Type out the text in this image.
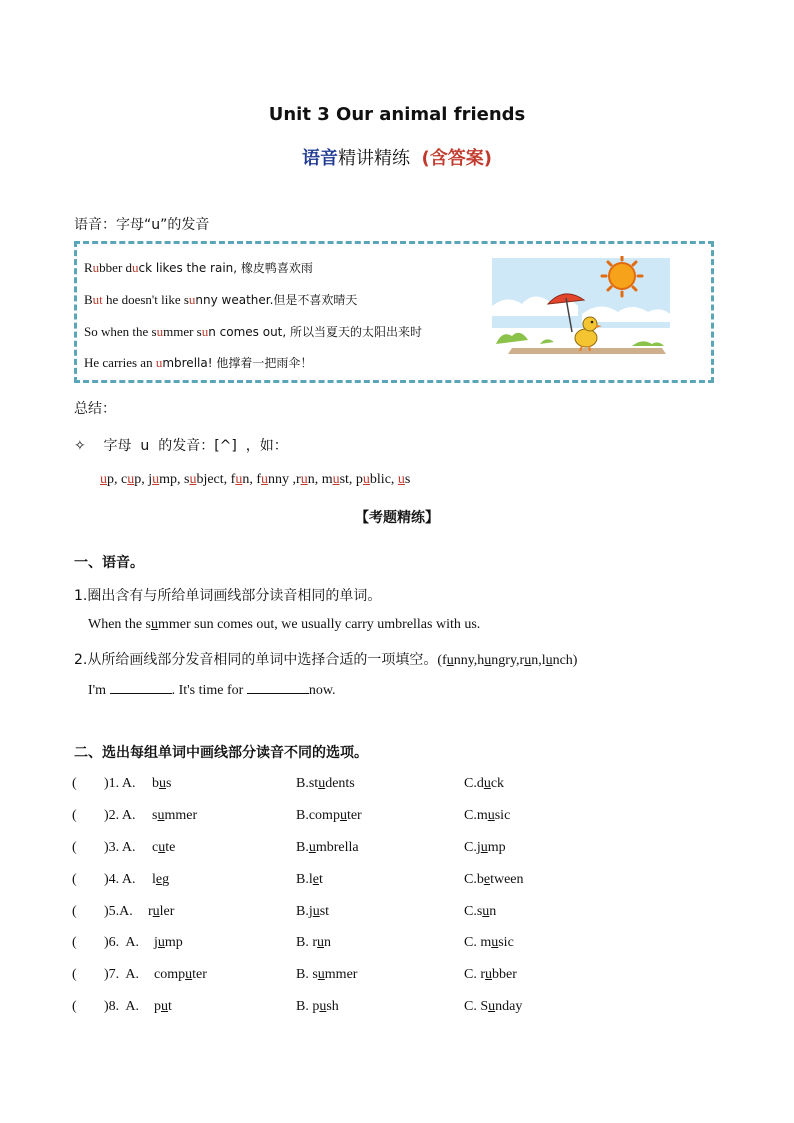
Unit 3 Our animal friends
语音精讲精练 (含答案)
语音：字母“u”的发音
Rubber duck likes the rain, 橡皮鸭喜欢雨
But he doesn't like sunny weather.但是不喜欢晴天
So when the summer sun comes out, 所以当夏天的太阳出来时
He carries an umbrella! 他撑着一把雨伞！
总结：
✧    字母  u  的发音：[^]  ，如：
up, cup, jump, subject, fun, funny ,run, must, public, us
【考题精练】
一、语音。
1.圈出含有与所给单词画线部分读音相同的单词。
When the summer sun comes out, we usually carry umbrellas with us.
2.从所给画线部分发音相同的单词中选择合适的一项填空。(funny,hungry,run,lunch)
I'm	. It's time for	now.
二、选出每组单词中画线部分读音不同的选项。
( )1. A. bus	B.students	C.duck
( )2. A. summer	B.computer	C.music
( )3. A. cute	B.umbrella	C.jump
( )4. A. leg	B.let	C.between
( )5.A. ruler	B.just	C.sun
( )6.  A. jump	B. run	C. music
( )7.  A. computer	B. summer	C. rubber
( )8.  A. put	B. push	C. Sunday
